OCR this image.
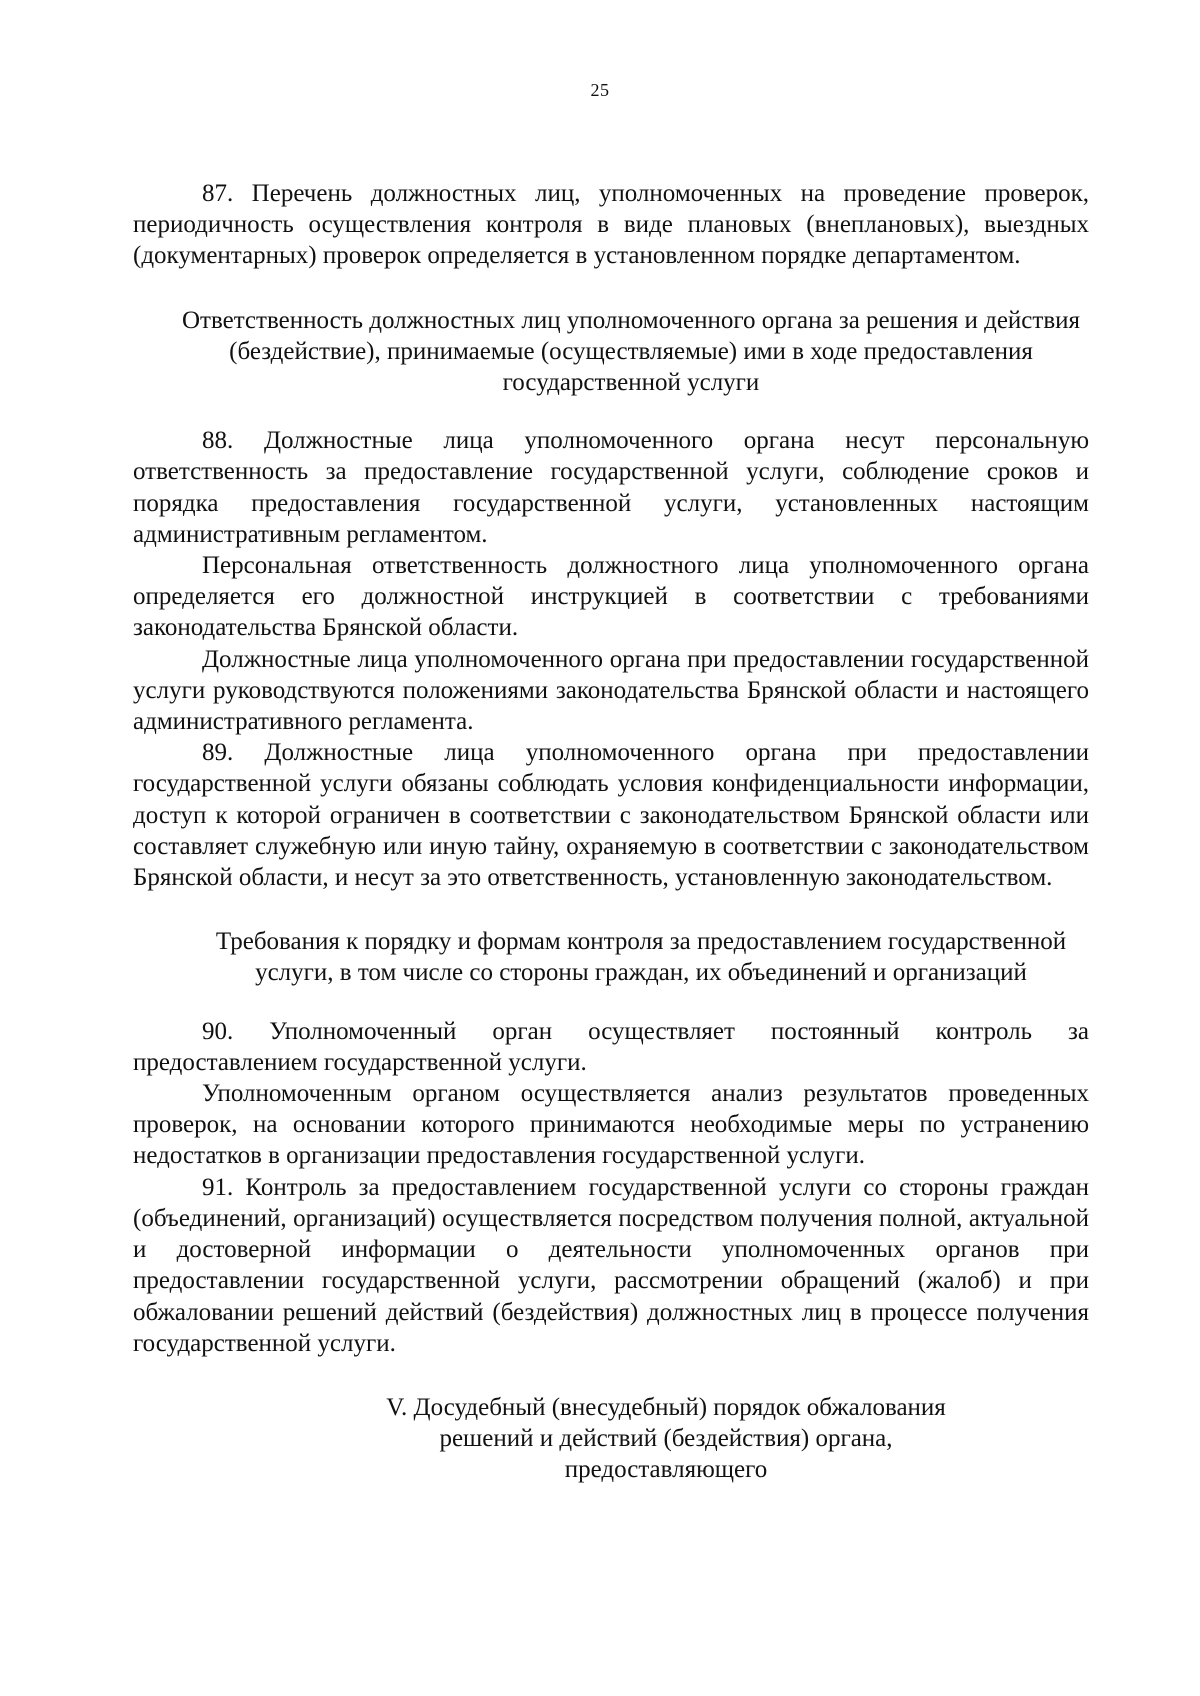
25

87. Перечень должностных лиц, уполномоченных на проведение проверок, периодичность осуществления контроля в виде плановых (внеплановых), выездных (документарных) проверок определяется в установленном порядке департаментом.

Ответственность должностных лиц уполномоченного органа за решения и действия (бездействие), принимаемые (осуществляемые) ими в ходе предоставления государственной услуги

88. Должностные лица уполномоченного органа несут персональную ответственность за предоставление государственной услуги, соблюдение сроков и порядка предоставления государственной услуги, установленных настоящим административным регламентом.

Персональная ответственность должностного лица уполномоченного органа определяется его должностной инструкцией в соответствии с требованиями законодательства Брянской области.

Должностные лица уполномоченного органа при предоставлении государственной услуги руководствуются положениями законодательства Брянской области и настоящего административного регламента.

89. Должностные лица уполномоченного органа при предоставлении государственной услуги обязаны соблюдать условия конфиденциальности информации, доступ к которой ограничен в соответствии с законодательством Брянской области или составляет служебную или иную тайну, охраняемую в соответствии с законодательством Брянской области, и несут за это ответственность, установленную законодательством.

Требования к порядку и формам контроля за предоставлением государственной услуги, в том числе со стороны граждан, их объединений и организаций

90. Уполномоченный орган осуществляет постоянный контроль за предоставлением государственной услуги.

Уполномоченным органом осуществляется анализ результатов проведенных проверок, на основании которого принимаются необходимые меры по устранению недостатков в организации предоставления государственной услуги.

91. Контроль за предоставлением государственной услуги со стороны граждан (объединений, организаций) осуществляется посредством получения полной, актуальной и достоверной информации о деятельности уполномоченных органов при предоставлении государственной услуги, рассмотрении обращений (жалоб) и при обжаловании решений действий (бездействия) должностных лиц в процессе получения государственной услуги.

V. Досудебный (внесудебный) порядок обжалования решений и действий (бездействия) органа, предоставляющего
